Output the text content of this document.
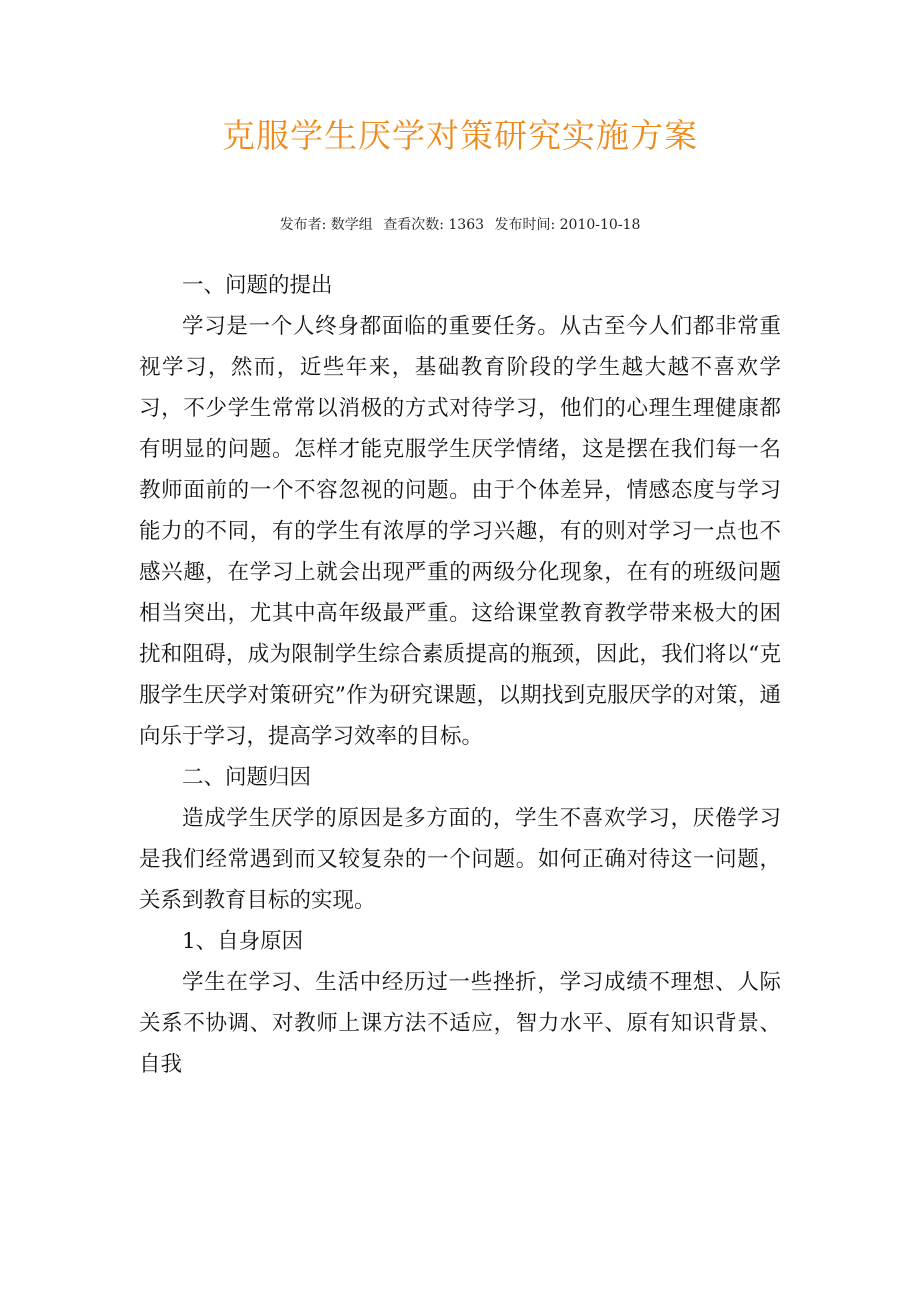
克服学生厌学对策研究实施方案
发布者: 数学组 查看次数: 1363 发布时间: 2010-10-18

一、问题的提出

学习是一个人终身都面临的重要任务。从古至今人们都非常重视学习，然而，近些年来，基础教育阶段的学生越大越不喜欢学习，不少学生常常以消极的方式对待学习，他们的心理生理健康都有明显的问题。怎样才能克服学生厌学情绪，这是摆在我们每一名教师面前的一个不容忽视的问题。由于个体差异，情感态度与学习能力的不同，有的学生有浓厚的学习兴趣，有的则对学习一点也不感兴趣，在学习上就会出现严重的两级分化现象，在有的班级问题相当突出，尤其中高年级最严重。这给课堂教育教学带来极大的困扰和阻碍，成为限制学生综合素质提高的瓶颈，因此，我们将以“克服学生厌学对策研究”作为研究课题，以期找到克服厌学的对策，通向乐于学习，提高学习效率的目标。

二、问题归因

造成学生厌学的原因是多方面的，学生不喜欢学习，厌倦学习是我们经常遇到而又较复杂的一个问题。如何正确对待这一问题，关系到教育目标的实现。

1、自身原因

学生在学习、生活中经历过一些挫折，学习成绩不理想、人际关系不协调、对教师上课方法不适应，智力水平、原有知识背景、自我
